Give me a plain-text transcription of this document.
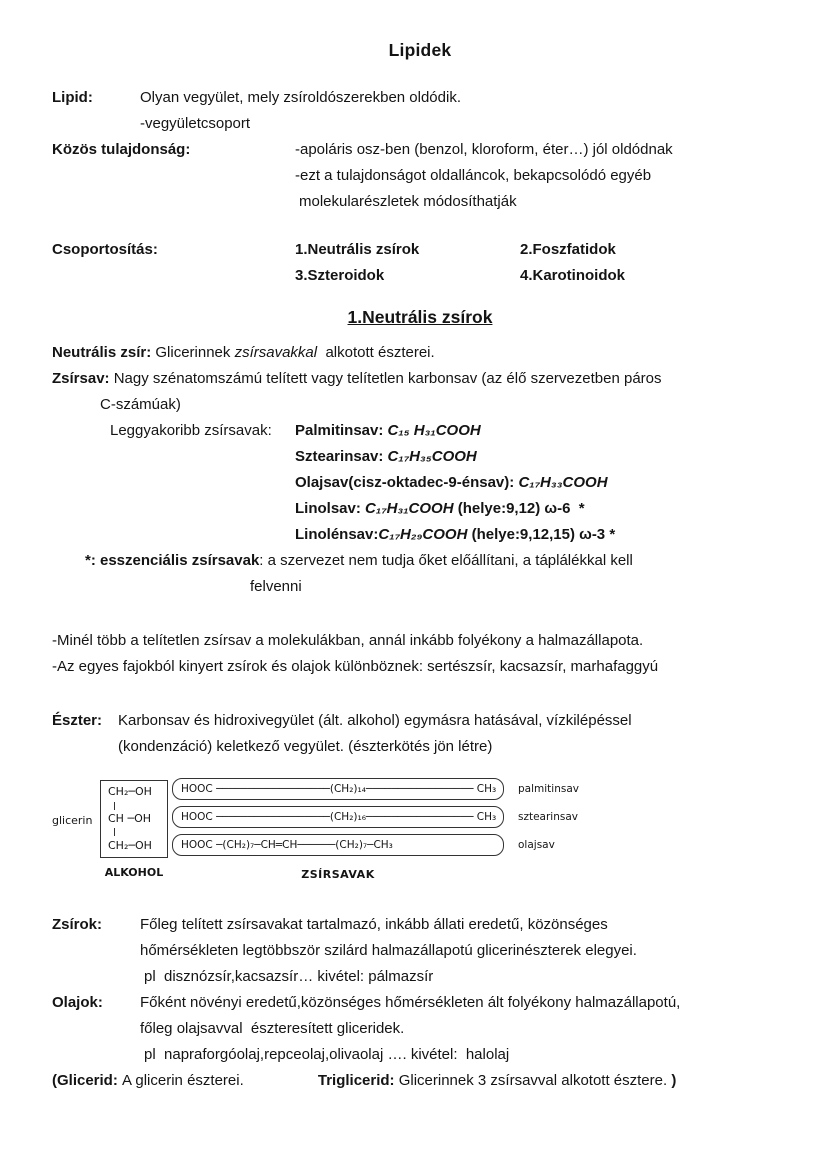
Lipidek
Lipid:	Olyan vegyület, mely zsíroldószerekben oldódik.
-vegyületcsoport
Közös tulajdonság:	-apoláris osz-ben (benzol, kloroform, éter…) jól oldódnak
-ezt a tulajdonságot oldalláncok, bekapcsolódó egyéb
molekularészletek módosíthatják
Csoportosítás:	1.Neutrális zsírok	2.Foszfatidok
3.Szteroidok	4.Karotinoidok
1.Neutrális zsírok
Neutrális zsír: Glicerinnek zsírsavakkal  alkotott észterei.
Zsírsav: Nagy szénatomszámú telített vagy telítetlen karbonsav (az élő szervezetben páros
C-számúak)
Leggyakoribb zsírsavak: Palmitinsav: C₁₅ H₃₁COOH
Sztearinsav: C₁₇H₃₅COOH
Olajsav(cisz-oktadec-9-énsav): C₁₇H₃₃COOH
Linolsav: C₁₇H₃₁COOH (helye:9,12) ω-6  *
Linolénsav:C₁₇H₂₉COOH (helye:9,12,15) ω-3 *
*: esszenciális zsírsavak: a szervezet nem tudja őket előállítani, a táplálékkal kell
felvenni
-Minél több a telítetlen zsírsav a molekulákban, annál inkább folyékony a halmazállapota.
-Az egyes fajokból kinyert zsírok és olajok különböznek: sertészsír, kacsazsír, marhafaggyú
Észter: Karbonsav és hidroxivegyület (ált. alkohol) egymásra hatásával, vízkilépéssel
(kondenzáció) keletkező vegyület. (észterkötés jön létre)
glicerin
CH₂─OH
CH ─OH
CH₂─OH
ALKOHOL
HOOC ──────────────────(CH₂)₁₄───────────────── CH₃	palmitinsav
HOOC ──────────────────(CH₂)₁₆───────────────── CH₃	sztearinsav
HOOC ─(CH₂)₇─CH═CH──────(CH₂)₇─CH₃	olajsav
ZSÍRSAVAK
Zsírok:	Főleg telített zsírsavakat tartalmazó, inkább állati eredetű, közönséges
hőmérsékleten legtöbbször szilárd halmazállapotú glicerinészterek elegyei.
pl  disznózsír,kacsazsír… kivétel: pálmazsír
Olajok: Főként növényi eredetű,közönséges hőmérsékleten ált folyékony halmazállapotú,
főleg olajsavval  észteresített gliceridek.
pl  napraforgóolaj,repceolaj,olivaolaj …. kivétel:  halolaj
(Glicerid: A glicerin észterei.	Triglicerid: Glicerinnek 3 zsírsavval alkotott észtere. )
